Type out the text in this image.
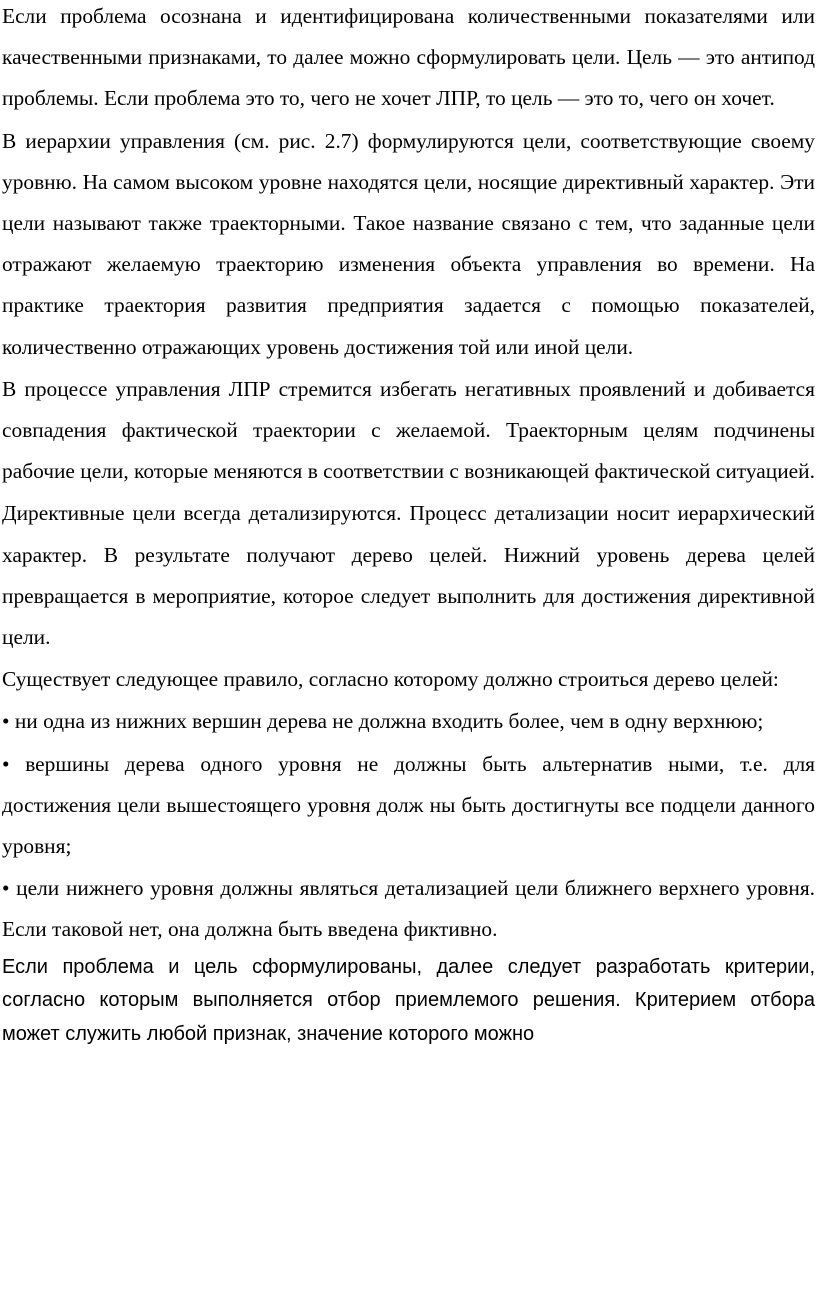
Если проблема осознана и идентифицирована количественными показателями или качественными признаками, то далее можно сформулировать цели. Цель — это антипод проблемы. Если проблема это то, чего не хочет ЛПР, то цель — это то, чего он хочет.

В иерархии управления (см. рис. 2.7) формулируются цели, соответствующие своему уровню. На самом высоком уровне находятся цели, носящие директивный характер. Эти цели называют также траекторными. Такое название связано с тем, что заданные цели отражают желаемую траекторию изменения объекта управления во времени. На практике траектория развития предприятия задается с помощью показателей, количественно отражающих уровень достижения той или иной цели.

В процессе управления ЛПР стремится избегать негативных проявлений и добивается совпадения фактической траектории с желаемой. Траекторным целям подчинены рабочие цели, которые меняются в соответствии с возникающей фактической ситуацией.

Директивные цели всегда детализируются. Процесс детализации носит иерархический характер. В результате получают дерево целей. Нижний уровень дерева целей превращается в мероприятие, которое следует выполнить для достижения директивной цели.

Существует следующее правило, согласно которому должно строиться дерево целей:

• ни одна из нижних вершин дерева не должна входить более, чем в одну верхнюю;

• вершины дерева одного уровня не должны быть альтернатив ными, т.е. для достижения цели вышестоящего уровня долж ны быть достигнуты все подцели данного уровня;

• цели нижнего уровня должны являться детализацией цели ближнего верхнего уровня. Если таковой нет, она должна быть введена фиктивно.

Если проблема и цель сформулированы, далее следует разработать критерии, согласно которым выполняется отбор приемлемого решения. Критерием отбора может служить любой признак, значение которого можно
